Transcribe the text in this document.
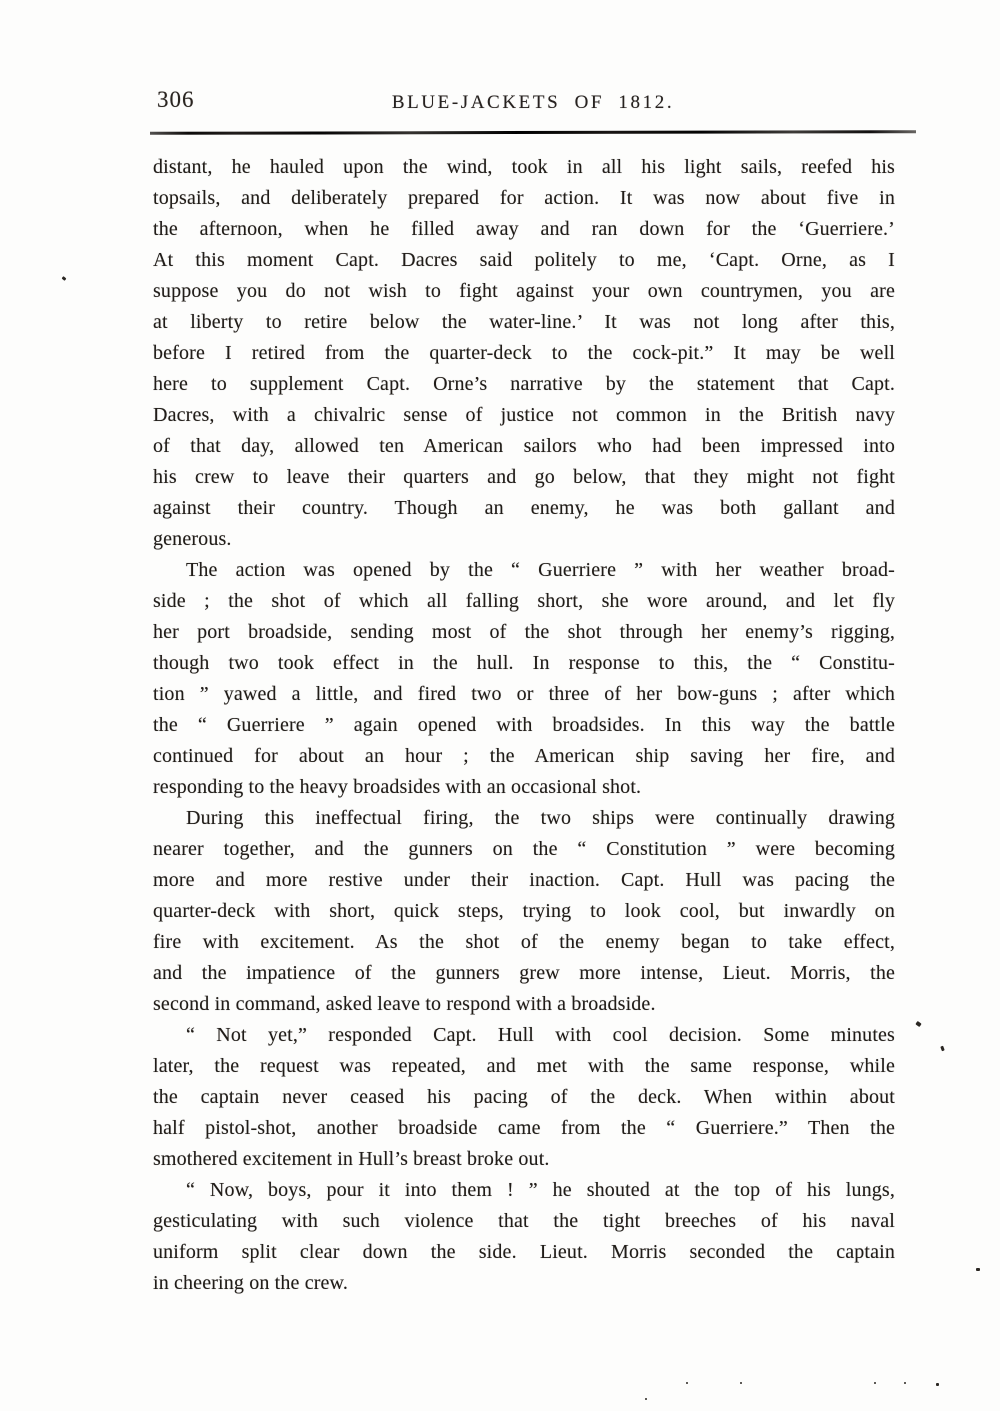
306	BLUE-JACKETS OF 1812.
distant, he hauled upon the wind, took in all his light sails, reefed his
topsails, and deliberately prepared for action. It was now about five in
the afternoon, when he filled away and ran down for the ‘Guerriere.’
At this moment Capt. Dacres said politely to me, ‘Capt. Orne, as I
suppose you do not wish to fight against your own countrymen, you are
at liberty to retire below the water-line.’ It was not long after this,
before I retired from the quarter-deck to the cock-pit.” It may be well
here to supplement Capt. Orne’s narrative by the statement that Capt.
Dacres, with a chivalric sense of justice not common in the British navy
of that day, allowed ten American sailors who had been impressed into
his crew to leave their quarters and go below, that they might not fight
against their country. Though an enemy, he was both gallant and
generous.
The action was opened by the “ Guerriere ” with her weather broad-
side ; the shot of which all falling short, she wore around, and let fly
her port broadside, sending most of the shot through her enemy’s rigging,
though two took effect in the hull. In response to this, the “ Constitu-
tion ” yawed a little, and fired two or three of her bow-guns ; after which
the “ Guerriere ” again opened with broadsides. In this way the battle
continued for about an hour ; the American ship saving her fire, and
responding to the heavy broadsides with an occasional shot.
During this ineffectual firing, the two ships were continually drawing
nearer together, and the gunners on the “ Constitution ” were becoming
more and more restive under their inaction. Capt. Hull was pacing the
quarter-deck with short, quick steps, trying to look cool, but inwardly on
fire with excitement. As the shot of the enemy began to take effect,
and the impatience of the gunners grew more intense, Lieut. Morris, the
second in command, asked leave to respond with a broadside.
“ Not yet,” responded Capt. Hull with cool decision. Some minutes
later, the request was repeated, and met with the same response, while
the captain never ceased his pacing of the deck. When within about
half pistol-shot, another broadside came from the “ Guerriere.” Then the
smothered excitement in Hull’s breast broke out.
“ Now, boys, pour it into them ! ” he shouted at the top of his lungs,
gesticulating with such violence that the tight breeches of his naval
uniform split clear down the side. Lieut. Morris seconded the captain
in cheering on the crew.
